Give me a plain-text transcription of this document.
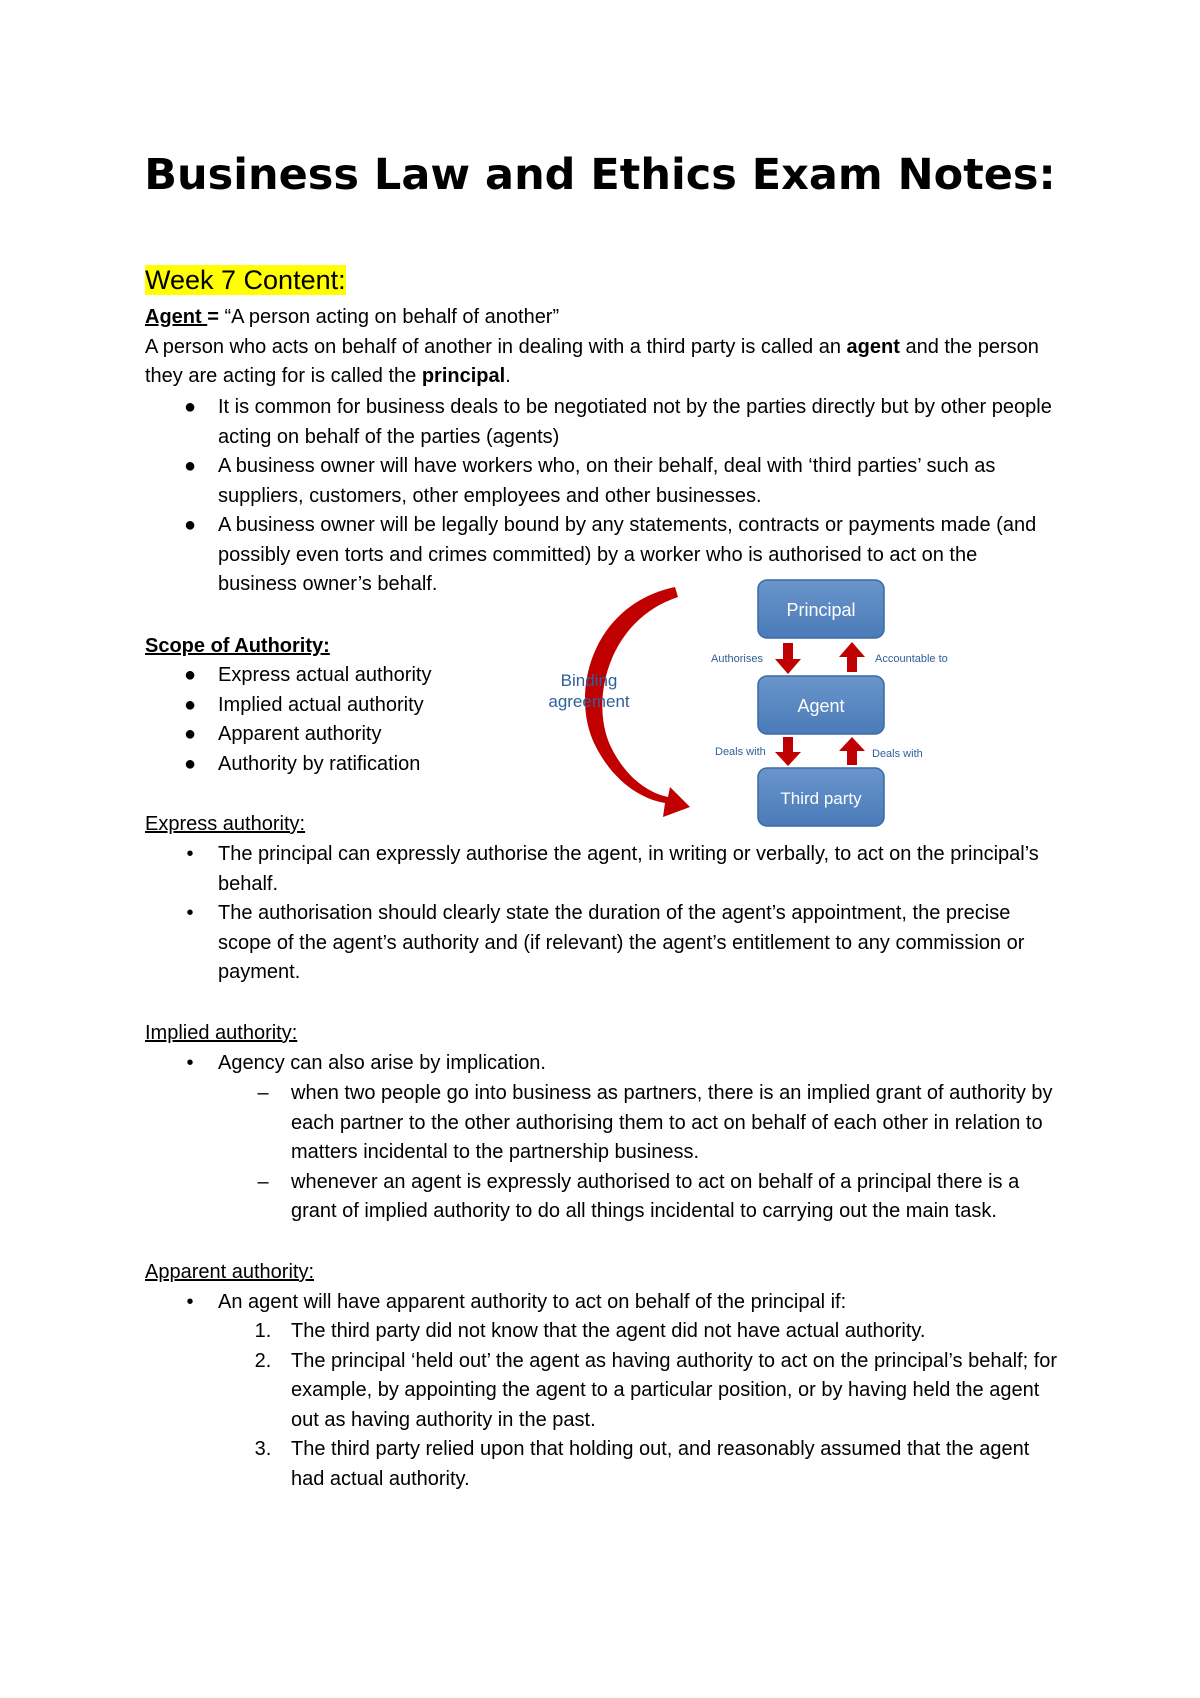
Business Law and Ethics Exam Notes:
Week 7 Content:
Agent = “A person acting on behalf of another”
A person who acts on behalf of another in dealing with a third party is called an agent and the person they are acting for is called the principal.
● It is common for business deals to be negotiated not by the parties directly but by other people acting on behalf of the parties (agents)
● A business owner will have workers who, on their behalf, deal with ‘third parties’ such as suppliers, customers, other employees and other businesses.
● A business owner will be legally bound by any statements, contracts or payments made (and possibly even torts and crimes committed) by a worker who is authorised to act on the business owner’s behalf.
Scope of Authority:
● Express actual authority
● Implied actual authority
● Apparent authority
● Authority by ratification
Principal
Agent
Third party
Authorises	Accountable to
Deals with	Deals with
Binding
agreement
Express authority:
•	The principal can expressly authorise the agent, in writing or verbally, to act on the principal’s behalf.
•	The authorisation should clearly state the duration of the agent’s appointment, the precise scope of the agent’s authority and (if relevant) the agent’s entitlement to any commission or payment.
Implied authority:
•	Agency can also arise by implication.
– when two people go into business as partners, there is an implied grant of authority by each partner to the other authorising them to act on behalf of each other in relation to matters incidental to the partnership business.
– whenever an agent is expressly authorised to act on behalf of a principal there is a grant of implied authority to do all things incidental to carrying out the main task.
Apparent authority:
•	An agent will have apparent authority to act on behalf of the principal if:
1. The third party did not know that the agent did not have actual authority.
2. The principal ‘held out’ the agent as having authority to act on the principal’s behalf; for example, by appointing the agent to a particular position, or by having held the agent out as having authority in the past.
3. The third party relied upon that holding out, and reasonably assumed that the agent had actual authority.
